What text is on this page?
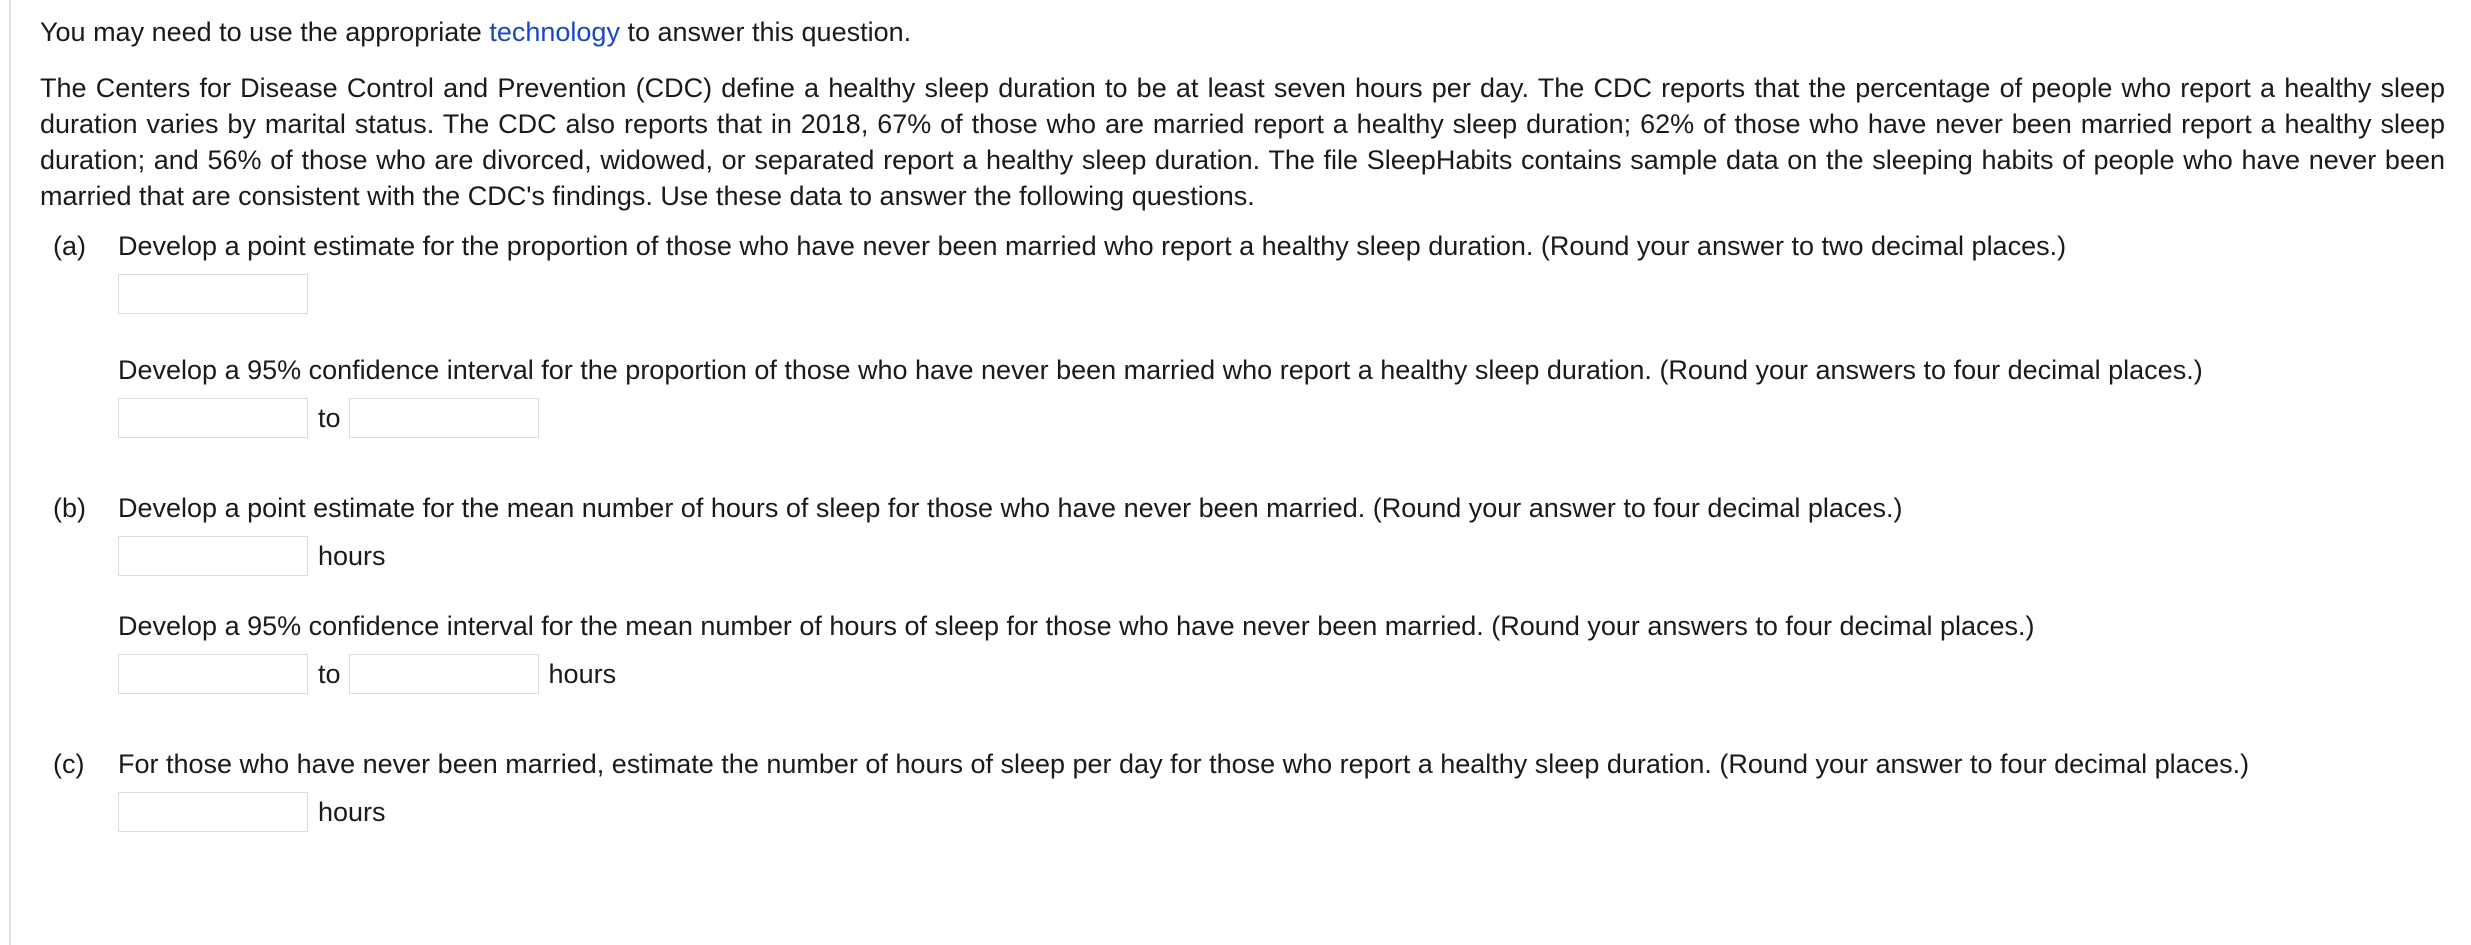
You may need to use the appropriate technology to answer this question.

The Centers for Disease Control and Prevention (CDC) define a healthy sleep duration to be at least seven hours per day. The CDC reports that the percentage of people who report a healthy sleep duration varies by marital status. The CDC also reports that in 2018, 67% of those who are married report a healthy sleep duration; 62% of those who have never been married report a healthy sleep duration; and 56% of those who are divorced, widowed, or separated report a healthy sleep duration. The file SleepHabits contains sample data on the sleeping habits of people who have never been married that are consistent with the CDC's findings. Use these data to answer the following questions.

(a) Develop a point estimate for the proportion of those who have never been married who report a healthy sleep duration. (Round your answer to two decimal places.)

Develop a 95% confidence interval for the proportion of those who have never been married who report a healthy sleep duration. (Round your answers to four decimal places.)

to
(b) Develop a point estimate for the mean number of hours of sleep for those who have never been married. (Round your answer to four decimal places.)

hours

Develop a 95% confidence interval for the mean number of hours of sleep for those who have never been married. (Round your answers to four decimal places.)

to	hours
(c) For those who have never been married, estimate the number of hours of sleep per day for those who report a healthy sleep duration. (Round your answer to four decimal places.)

hours
